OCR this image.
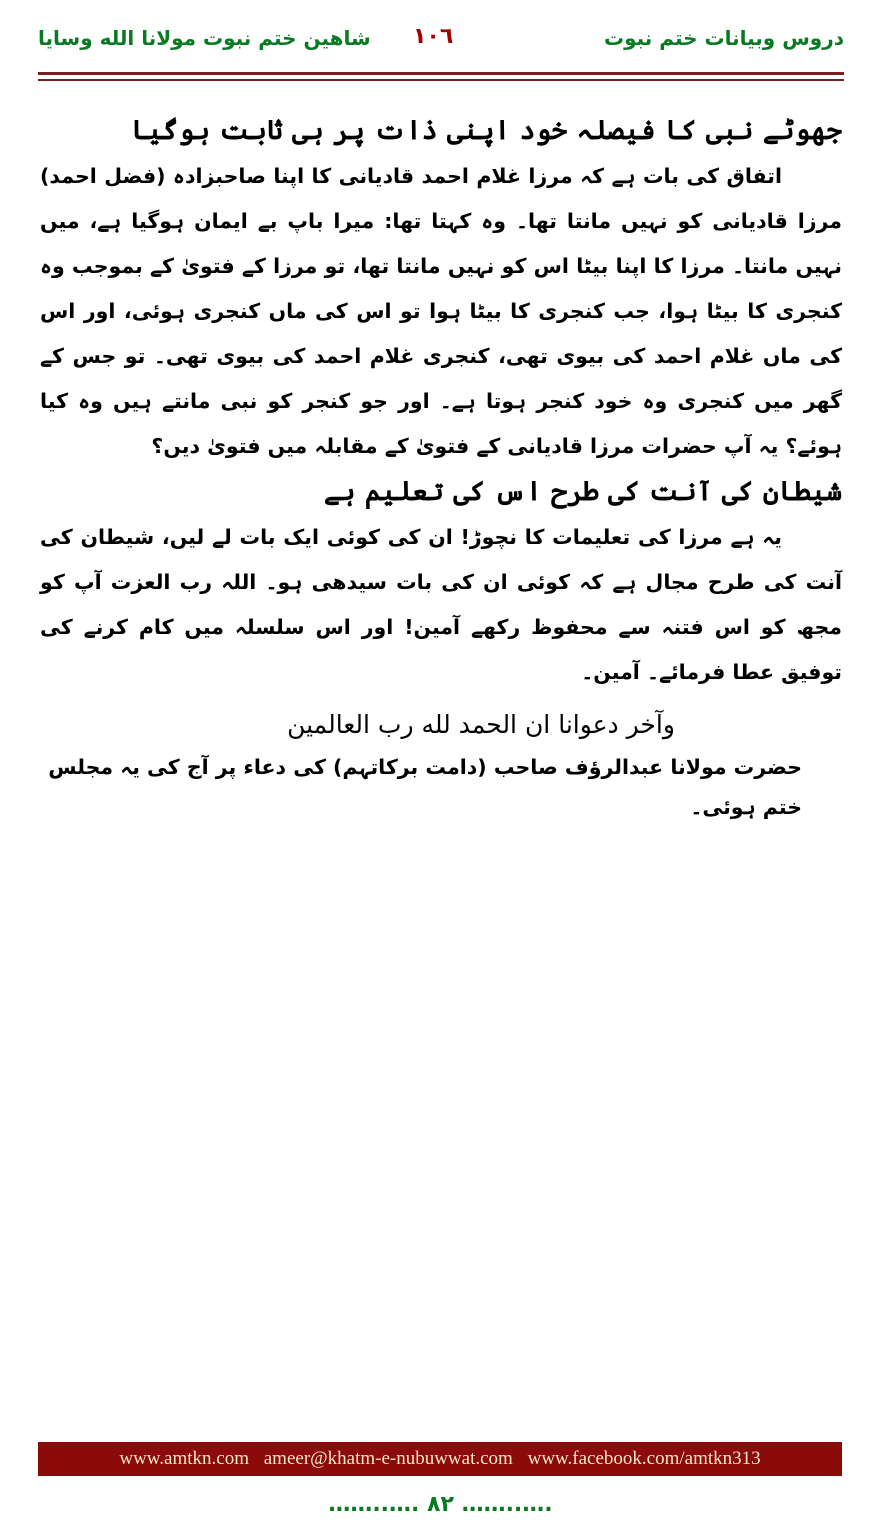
دروس وبیانات ختم نبوت
١٠٦
شاهین ختم نبوت مولانا الله وسایا
جھوٹے نبی کا فیصلہ خود اپنی ذات پر ہی ثابت ہوگیا

اتفاق کی بات ہے کہ مرزا غلام احمد قادیانی کا اپنا صاحبزادہ (فضل احمد) مرزا قادیانی کو نہیں مانتا تھا۔ وہ کہتا تھا: میرا باپ بے ایمان ہوگیا ہے، میں نہیں مانتا۔ مرزا کا اپنا بیٹا اس کو نہیں مانتا تھا، تو مرزا کے فتویٰ کے بموجب وہ کنجری کا بیٹا ہوا، جب کنجری کا بیٹا ہوا تو اس کی ماں کنجری ہوئی، اور اس کی ماں غلام احمد کی بیوی تھی، کنجری غلام احمد کی بیوی تھی۔ تو جس کے گھر میں کنجری وہ خود کنجر ہوتا ہے۔ اور جو کنجر کو نبی مانتے ہیں وہ کیا ہوئے؟ یہ آپ حضرات مرزا قادیانی کے فتویٰ کے مقابلہ میں فتویٰ دیں؟

شیطان کی آنت کی طرح اس کی تعلیم ہے

یہ ہے مرزا کی تعلیمات کا نچوڑ! ان کی کوئی ایک بات لے لیں، شیطان کی آنت کی طرح مجال ہے کہ کوئی ان کی بات سیدھی ہو۔ اللہ رب العزت آپ کو مجھ کو اس فتنہ سے محفوظ رکھے آمین! اور اس سلسلہ میں کام کرنے کی توفیق عطا فرمائے۔ آمین۔

وآخر دعوانا ان الحمد لله رب العالمين

حضرت مولانا عبدالرؤف صاحب (دامت برکاتہم) کی دعاء پر آج کی یہ مجلس ختم ہوئی۔

www.amtkn.com ameer@khatm-e-nubuwwat.com www.facebook.com/amtkn313
……..…. ۸۲ ……..….
